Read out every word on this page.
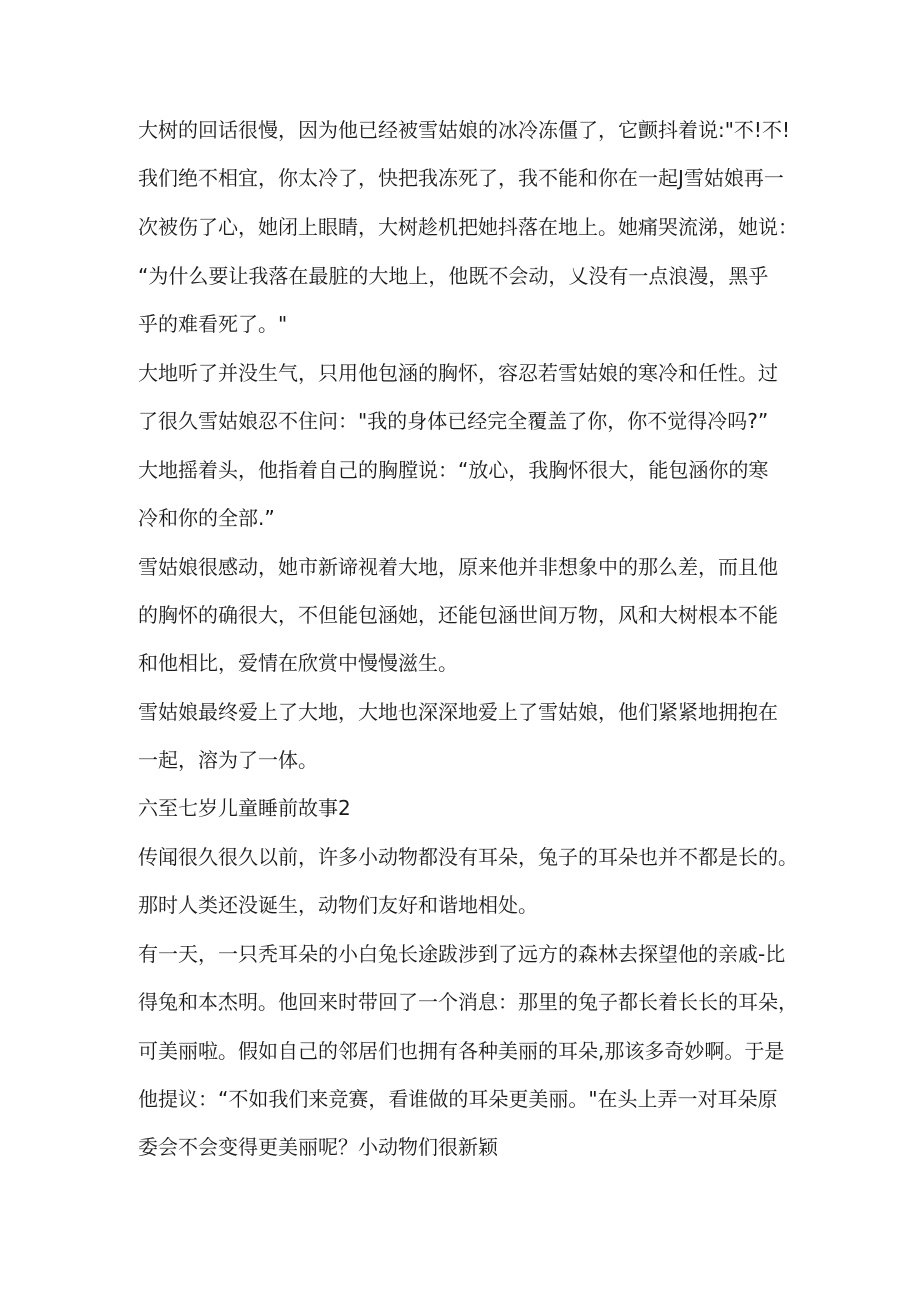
大树的回话很慢，因为他已经被雪姑娘的冰冷冻僵了，它颤抖着说:"不!不!
我们绝不相宜，你太冷了，快把我冻死了，我不能和你在一起J雪姑娘再一
次被伤了心，她闭上眼睛，大树趁机把她抖落在地上。她痛哭流涕，她说：
“为什么要让我落在最脏的大地上，他既不会动，乂没有一点浪漫，黑乎
乎的难看死了。"
大地听了并没生气，只用他包涵的胸怀，容忍若雪姑娘的寒冷和任性。过
了很久雪姑娘忍不住问："我的身体已经完全覆盖了你，你不觉得冷吗?”
大地摇着头，他指着自己的胸膛说：“放心，我胸怀很大，能包涵你的寒
冷和你的全部.”
雪姑娘很感动，她市新谛视着大地，原来他并非想象中的那么差，而且他
的胸怀的确很大，不但能包涵她，还能包涵世间万物，风和大树根本不能
和他相比，爱情在欣赏中慢慢滋生。
雪姑娘最终爱上了大地，大地也深深地爱上了雪姑娘，他们紧紧地拥抱在
一起，溶为了一体。
六至七岁儿童睡前故事2
传闻很久很久以前，许多小动物都没有耳朵，兔子的耳朵也并不都是长的。
那时人类还没诞生，动物们友好和谐地相处。
有一天，一只秃耳朵的小白兔长途跋涉到了远方的森林去探望他的亲戚-比
得兔和本杰明。他回来时带回了一个消息：那里的兔子都长着长长的耳朵，
可美丽啦。假如自己的邻居们也拥有各种美丽的耳朵,那该多奇妙啊。于是
他提议：“不如我们来竞赛，看谁做的耳朵更美丽。"在头上弄一对耳朵原
委会不会变得更美丽呢？小动物们很新颖
